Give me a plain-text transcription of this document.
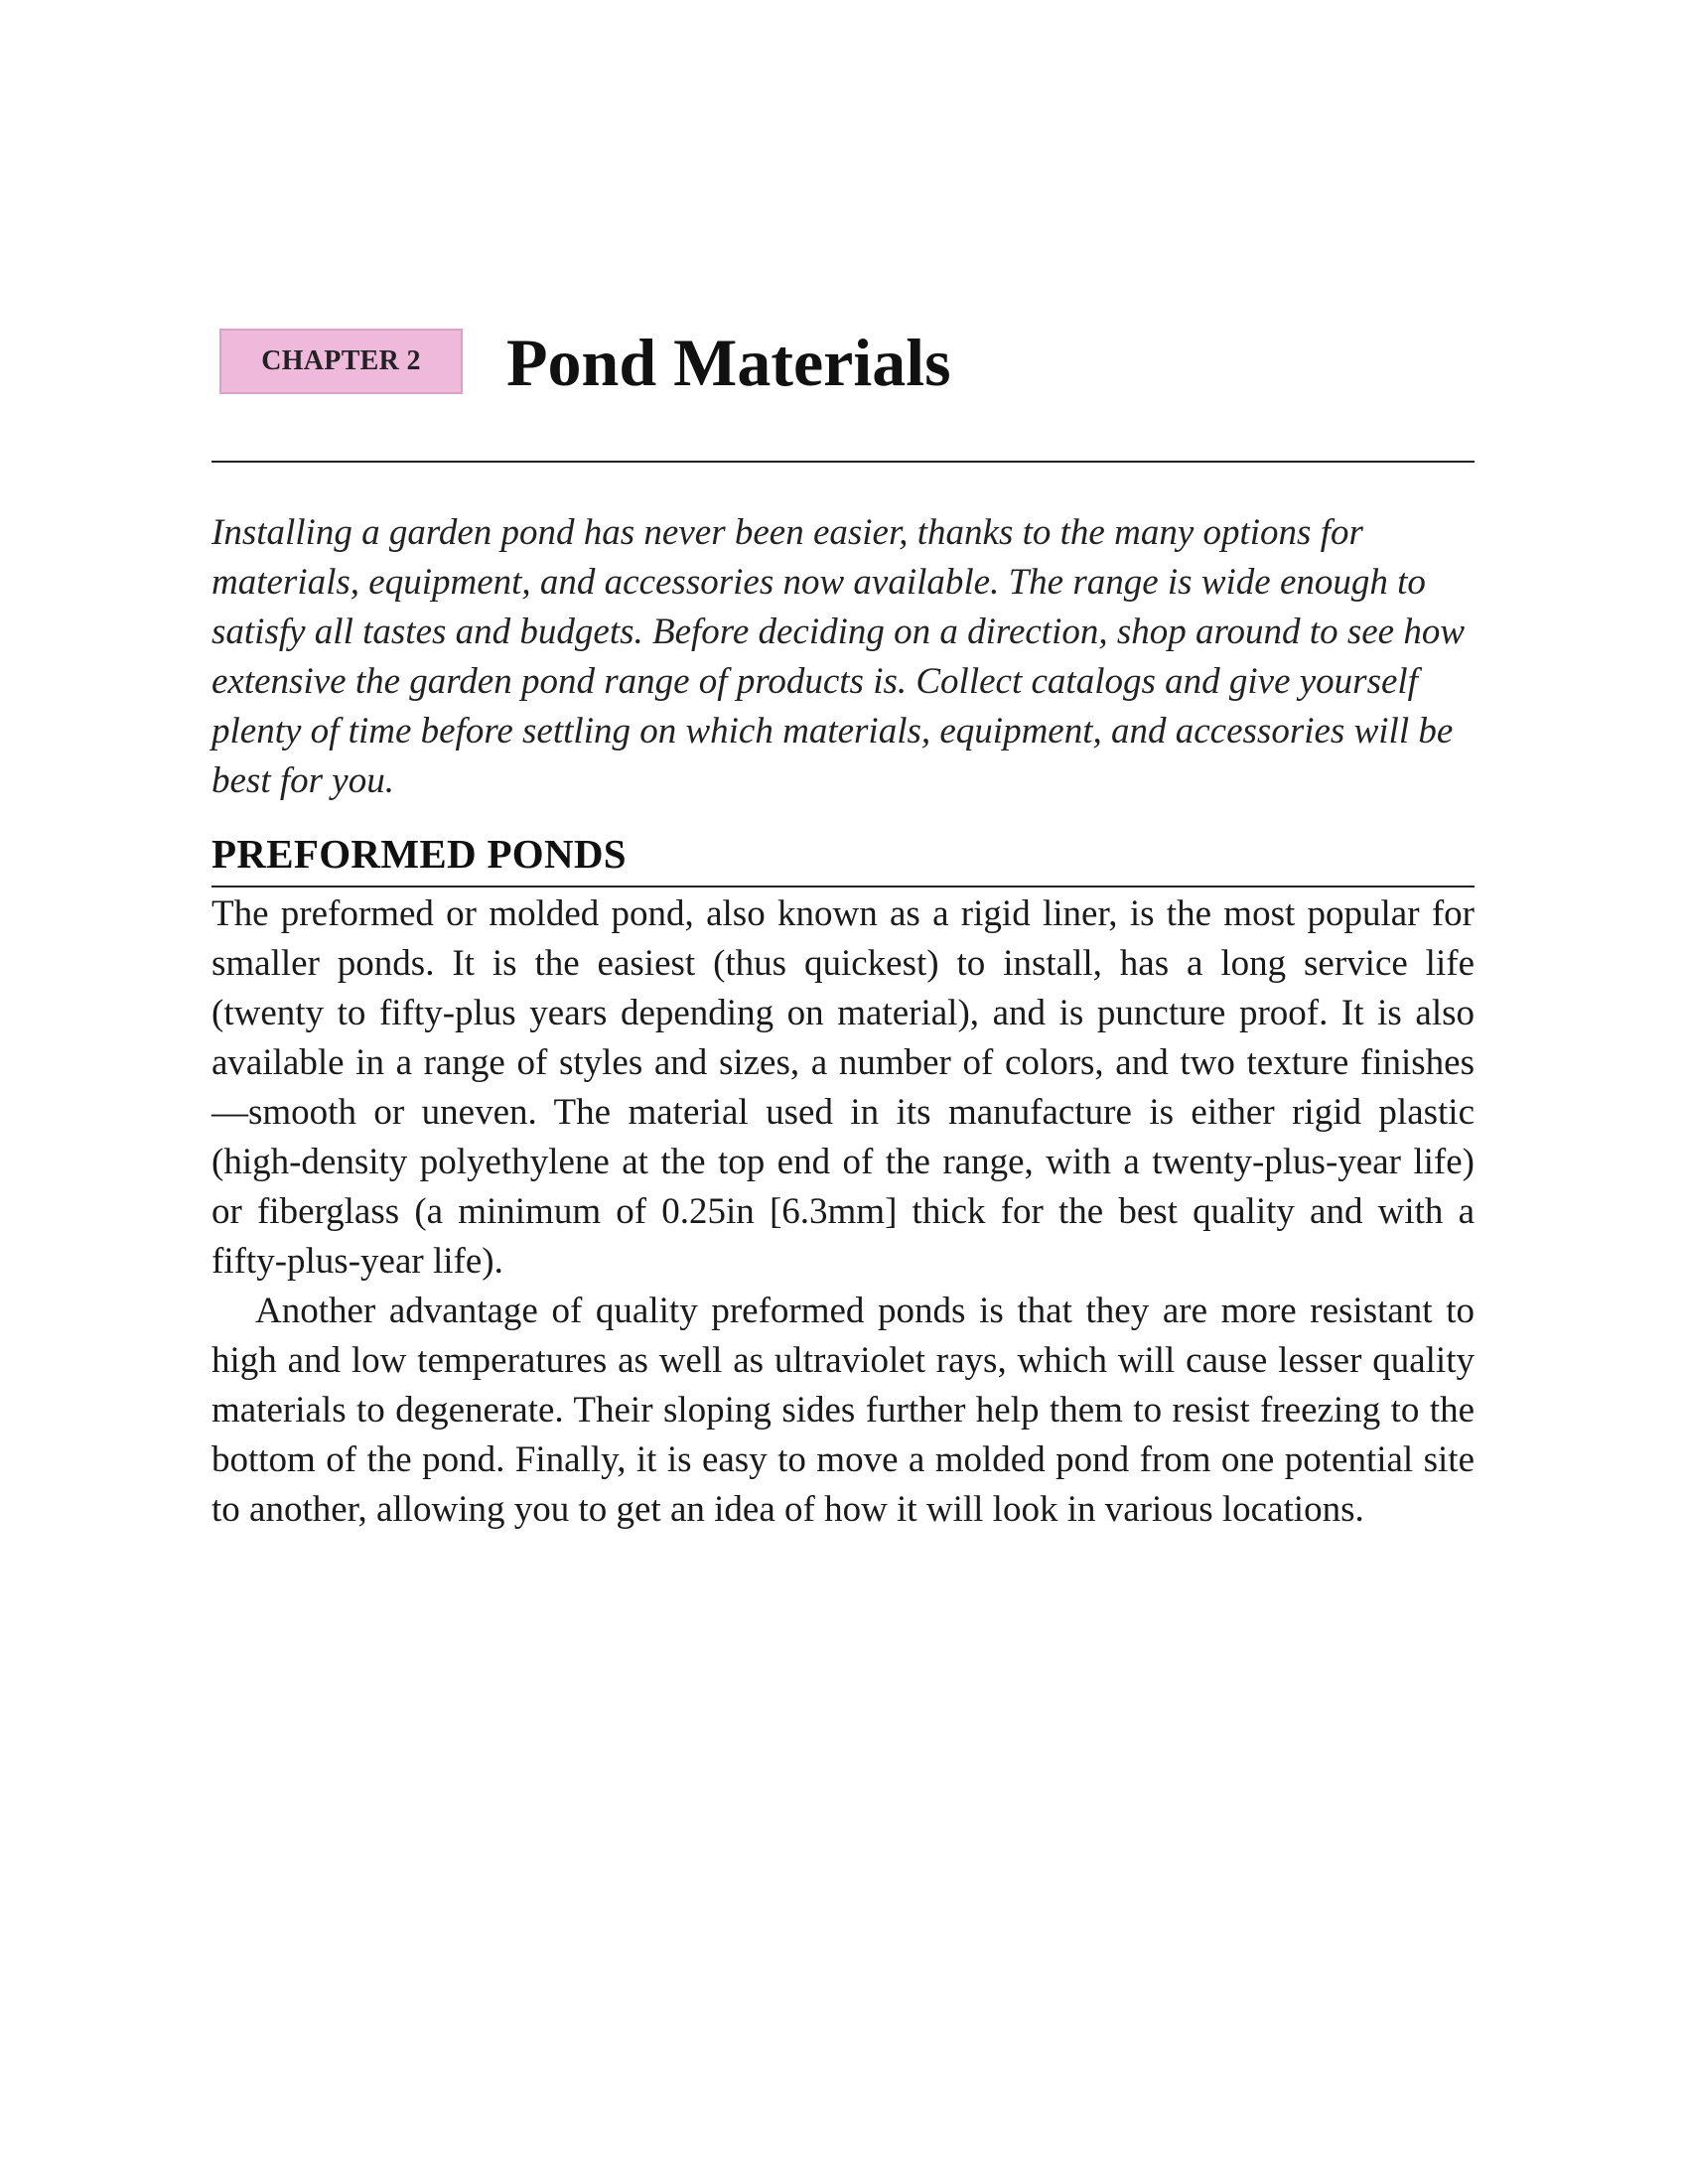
CHAPTER 2	Pond Materials

Installing a garden pond has never been easier, thanks to the many options for materials, equipment, and accessories now available. The range is wide enough to satisfy all tastes and budgets. Before deciding on a direction, shop around to see how extensive the garden pond range of products is. Collect catalogs and give yourself plenty of time before settling on which materials, equipment, and accessories will be best for you.

PREFORMED PONDS

The preformed or molded pond, also known as a rigid liner, is the most popular for smaller ponds. It is the easiest (thus quickest) to install, has a long service life (twenty to fifty-plus years depending on material), and is puncture proof. It is also available in a range of styles and sizes, a number of colors, and two texture finishes—smooth or uneven. The material used in its manufacture is either rigid plastic (high-density polyethylene at the top end of the range, with a twenty-plus-year life) or fiberglass (a minimum of 0.25in [6.3mm] thick for the best quality and with a fifty-plus-year life).

Another advantage of quality preformed ponds is that they are more resistant to high and low temperatures as well as ultraviolet rays, which will cause lesser quality materials to degenerate. Their sloping sides further help them to resist freezing to the bottom of the pond. Finally, it is easy to move a molded pond from one potential site to another, allowing you to get an idea of how it will look in various locations.
